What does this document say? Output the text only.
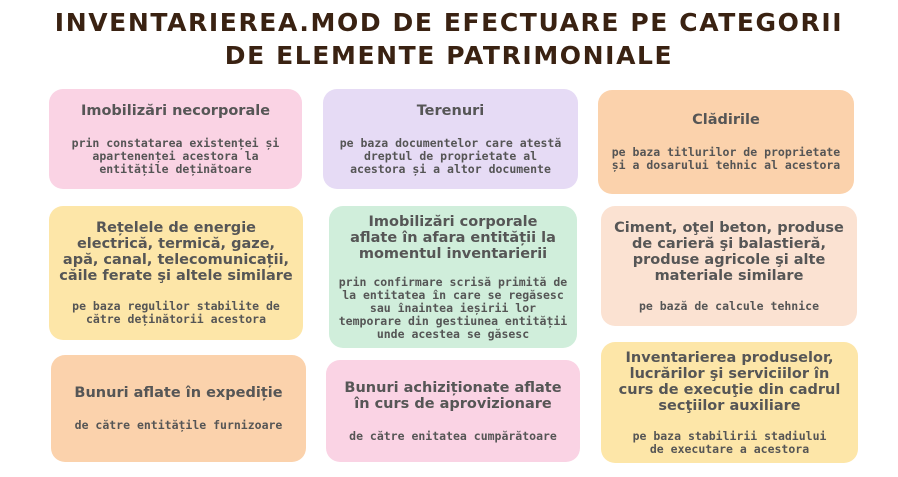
INVENTARIEREA.MOD DE EFECTUARE PE CATEGORII
DE ELEMENTE PATRIMONIALE
Imobilizări necorporale
prin constatarea existenței și apartenenței acestora la entitățile deținătoare
Terenuri
pe baza documentelor care atestă dreptul de proprietate al acestora și a altor documente
Clădirile
pe baza titlurilor de proprietate și a dosarului tehnic al acestora
Rețelele de energie electrică, termică, gaze, apă, canal, telecomunicații, căile ferate şi altele similare
pe baza regulilor stabilite de către deținătorii acestora
Imobilizări corporale aflate în afara entității la momentul inventarierii
prin confirmare scrisă primită de la entitatea în care se regăsesc sau înaintea ieșirii lor temporare din gestiunea entității unde acestea se găsesc
Ciment, oţel beton, produse de carieră şi balastieră, produse agricole şi alte materiale similare
pe bază de calcule tehnice
Bunuri aflate în expediție
de către entitățile furnizoare
Bunuri achiziționate aflate în curs de aprovizionare
de către enitatea cumpărătoare
Inventarierea produselor, lucrărilor şi serviciilor în curs de execuţie din cadrul secţiilor auxiliare
pe baza stabilirii stadiului de executare a acestora
